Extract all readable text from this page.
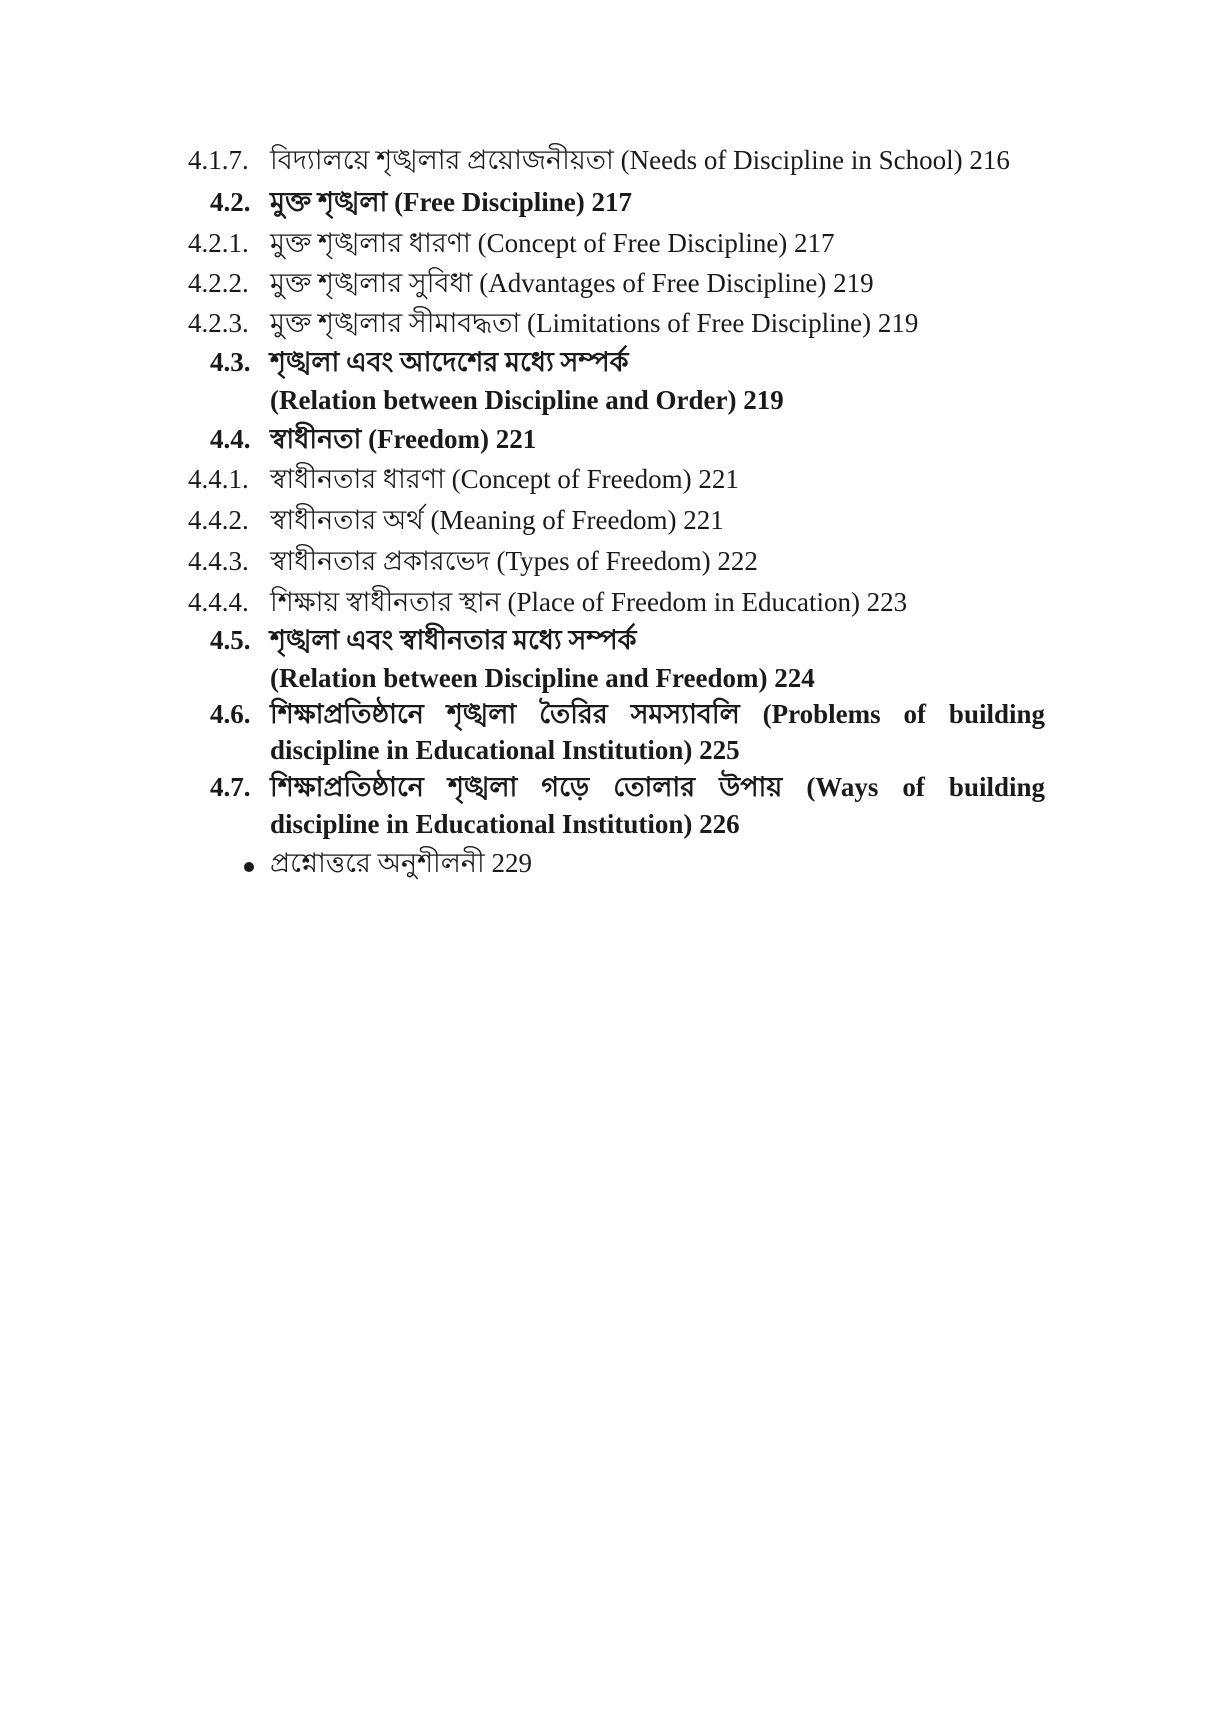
4.1.7. বিদ্যালয়ে শৃঙ্খলার প্রয়োজনীয়তা (Needs of Discipline in School) 216
4.2. মুক্ত শৃঙ্খলা (Free Discipline) 217
4.2.1. মুক্ত শৃঙ্খলার ধারণা (Concept of Free Discipline) 217
4.2.2. মুক্ত শৃঙ্খলার সুবিধা (Advantages of Free Discipline) 219
4.2.3. মুক্ত শৃঙ্খলার সীমাবদ্ধতা (Limitations of Free Discipline) 219
4.3. শৃঙ্খলা এবং আদেশের মধ্যে সম্পর্ক
(Relation between Discipline and Order) 219
4.4. স্বাধীনতা (Freedom) 221
4.4.1. স্বাধীনতার ধারণা (Concept of Freedom) 221
4.4.2. স্বাধীনতার অর্থ (Meaning of Freedom) 221
4.4.3. স্বাধীনতার প্রকারভেদ (Types of Freedom) 222
4.4.4. শিক্ষায় স্বাধীনতার স্থান (Place of Freedom in Education) 223
4.5. শৃঙ্খলা এবং স্বাধীনতার মধ্যে সম্পর্ক
(Relation between Discipline and Freedom) 224
4.6. শিক্ষাপ্রতিষ্ঠানে শৃঙ্খলা তৈরির সমস্যাবলি (Problems of building
discipline in Educational Institution) 225
4.7. শিক্ষাপ্রতিষ্ঠানে শৃঙ্খলা গড়ে তোলার উপায় (Ways of building
discipline in Educational Institution) 226
প্রশ্নোত্তরে অনুশীলনী 229
